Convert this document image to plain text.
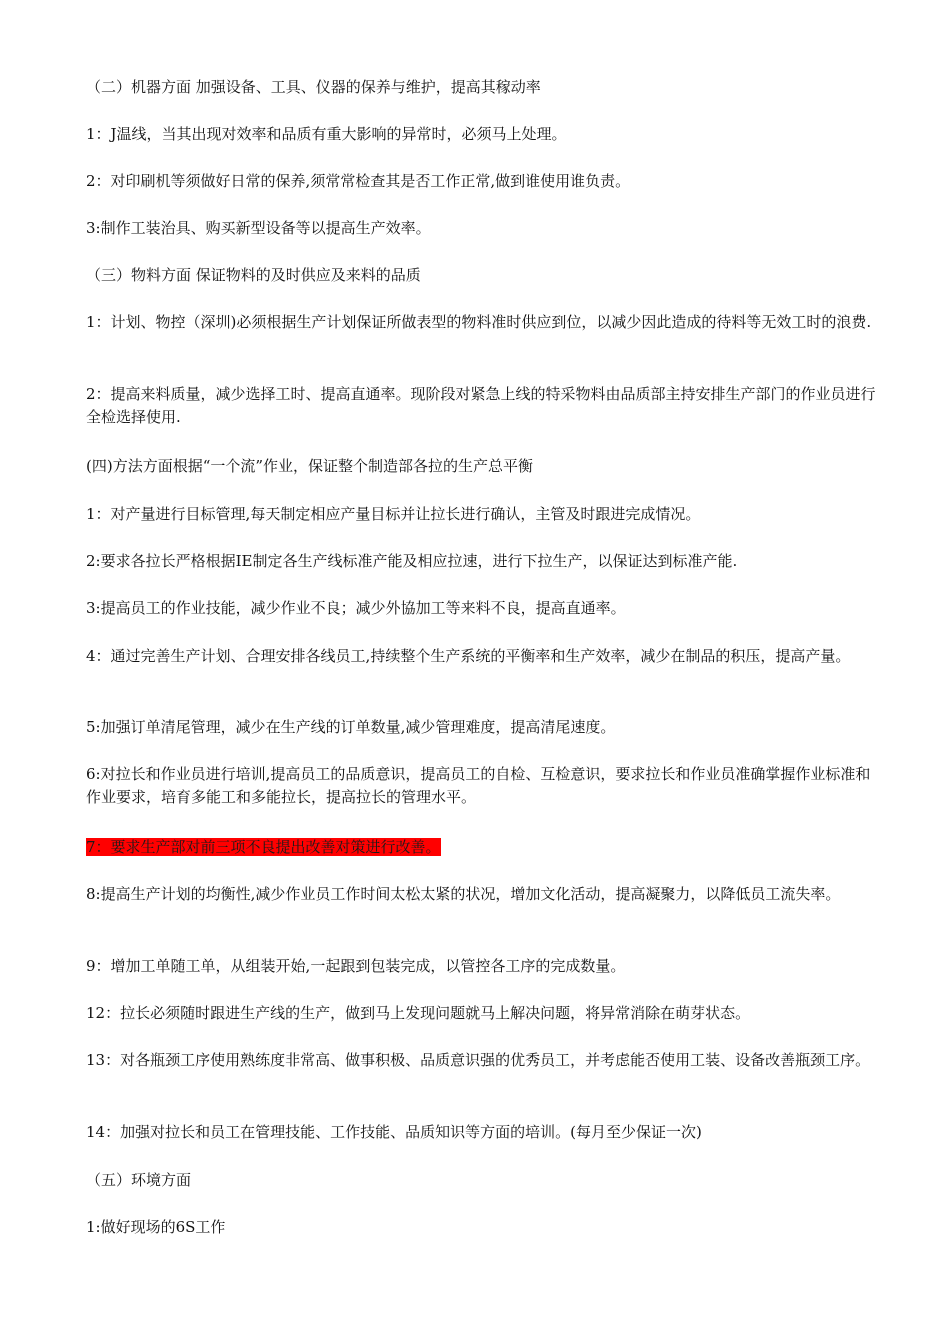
（二）机器方面 加强设备、工具、仪器的保养与维护，提高其稼动率

1：J温线，当其出现对效率和品质有重大影响的异常时，必须马上处理。

2：对印刷机等须做好日常的保养,须常常检查其是否工作正常,做到谁使用谁负责。

3:制作工装治具、购买新型设备等以提高生产效率。

（三）物料方面 保证物料的及时供应及来料的品质

1：计划、物控（深圳)必须根据生产计划保证所做表型的物料准时供应到位，以减少因此造成的待料等无效工时的浪费.

2：提高来料质量，减少选择工时、提高直通率。现阶段对紧急上线的特采物料由品质部主持安排生产部门的作业员进行全检选择使用.

(四)方法方面根据“一个流”作业，保证整个制造部各拉的生产总平衡

1：对产量进行目标管理,每天制定相应产量目标并让拉长进行确认，主管及时跟进完成情况。

2:要求各拉长严格根据IE制定各生产线标准产能及相应拉速，进行下拉生产，以保证达到标准产能.

3:提高员工的作业技能，减少作业不良；减少外協加工等来料不良，提高直通率。

4：通过完善生产计划、合理安排各线员工,持续整个生产系统的平衡率和生产效率，减少在制品的积压，提高产量。

5:加强订单清尾管理，减少在生产线的订单数量,减少管理难度，提高清尾速度。

6:对拉长和作业员进行培训,提高员工的品质意识，提高员工的自检、互检意识，要求拉长和作业员准确掌握作业标准和作业要求，培育多能工和多能拉长，提高拉长的管理水平。

7：要求生产部对前三项不良提出改善对策进行改善。

8:提高生产计划的均衡性,减少作业员工作时间太松太紧的状况，增加文化活动，提高凝聚力，以降低员工流失率。

9：增加工单随工单，从组装开始,一起跟到包装完成，以管控各工序的完成数量。

12：拉长必须随时跟进生产线的生产，做到马上发现问题就马上解决问题，将异常消除在萌芽状态。

13：对各瓶颈工序使用熟练度非常高、做事积极、品质意识强的优秀员工，并考虑能否使用工装、设备改善瓶颈工序。

14：加强对拉长和员工在管理技能、工作技能、品质知识等方面的培训。(每月至少保证一次)

（五）环境方面

1:做好现场的6S工作
